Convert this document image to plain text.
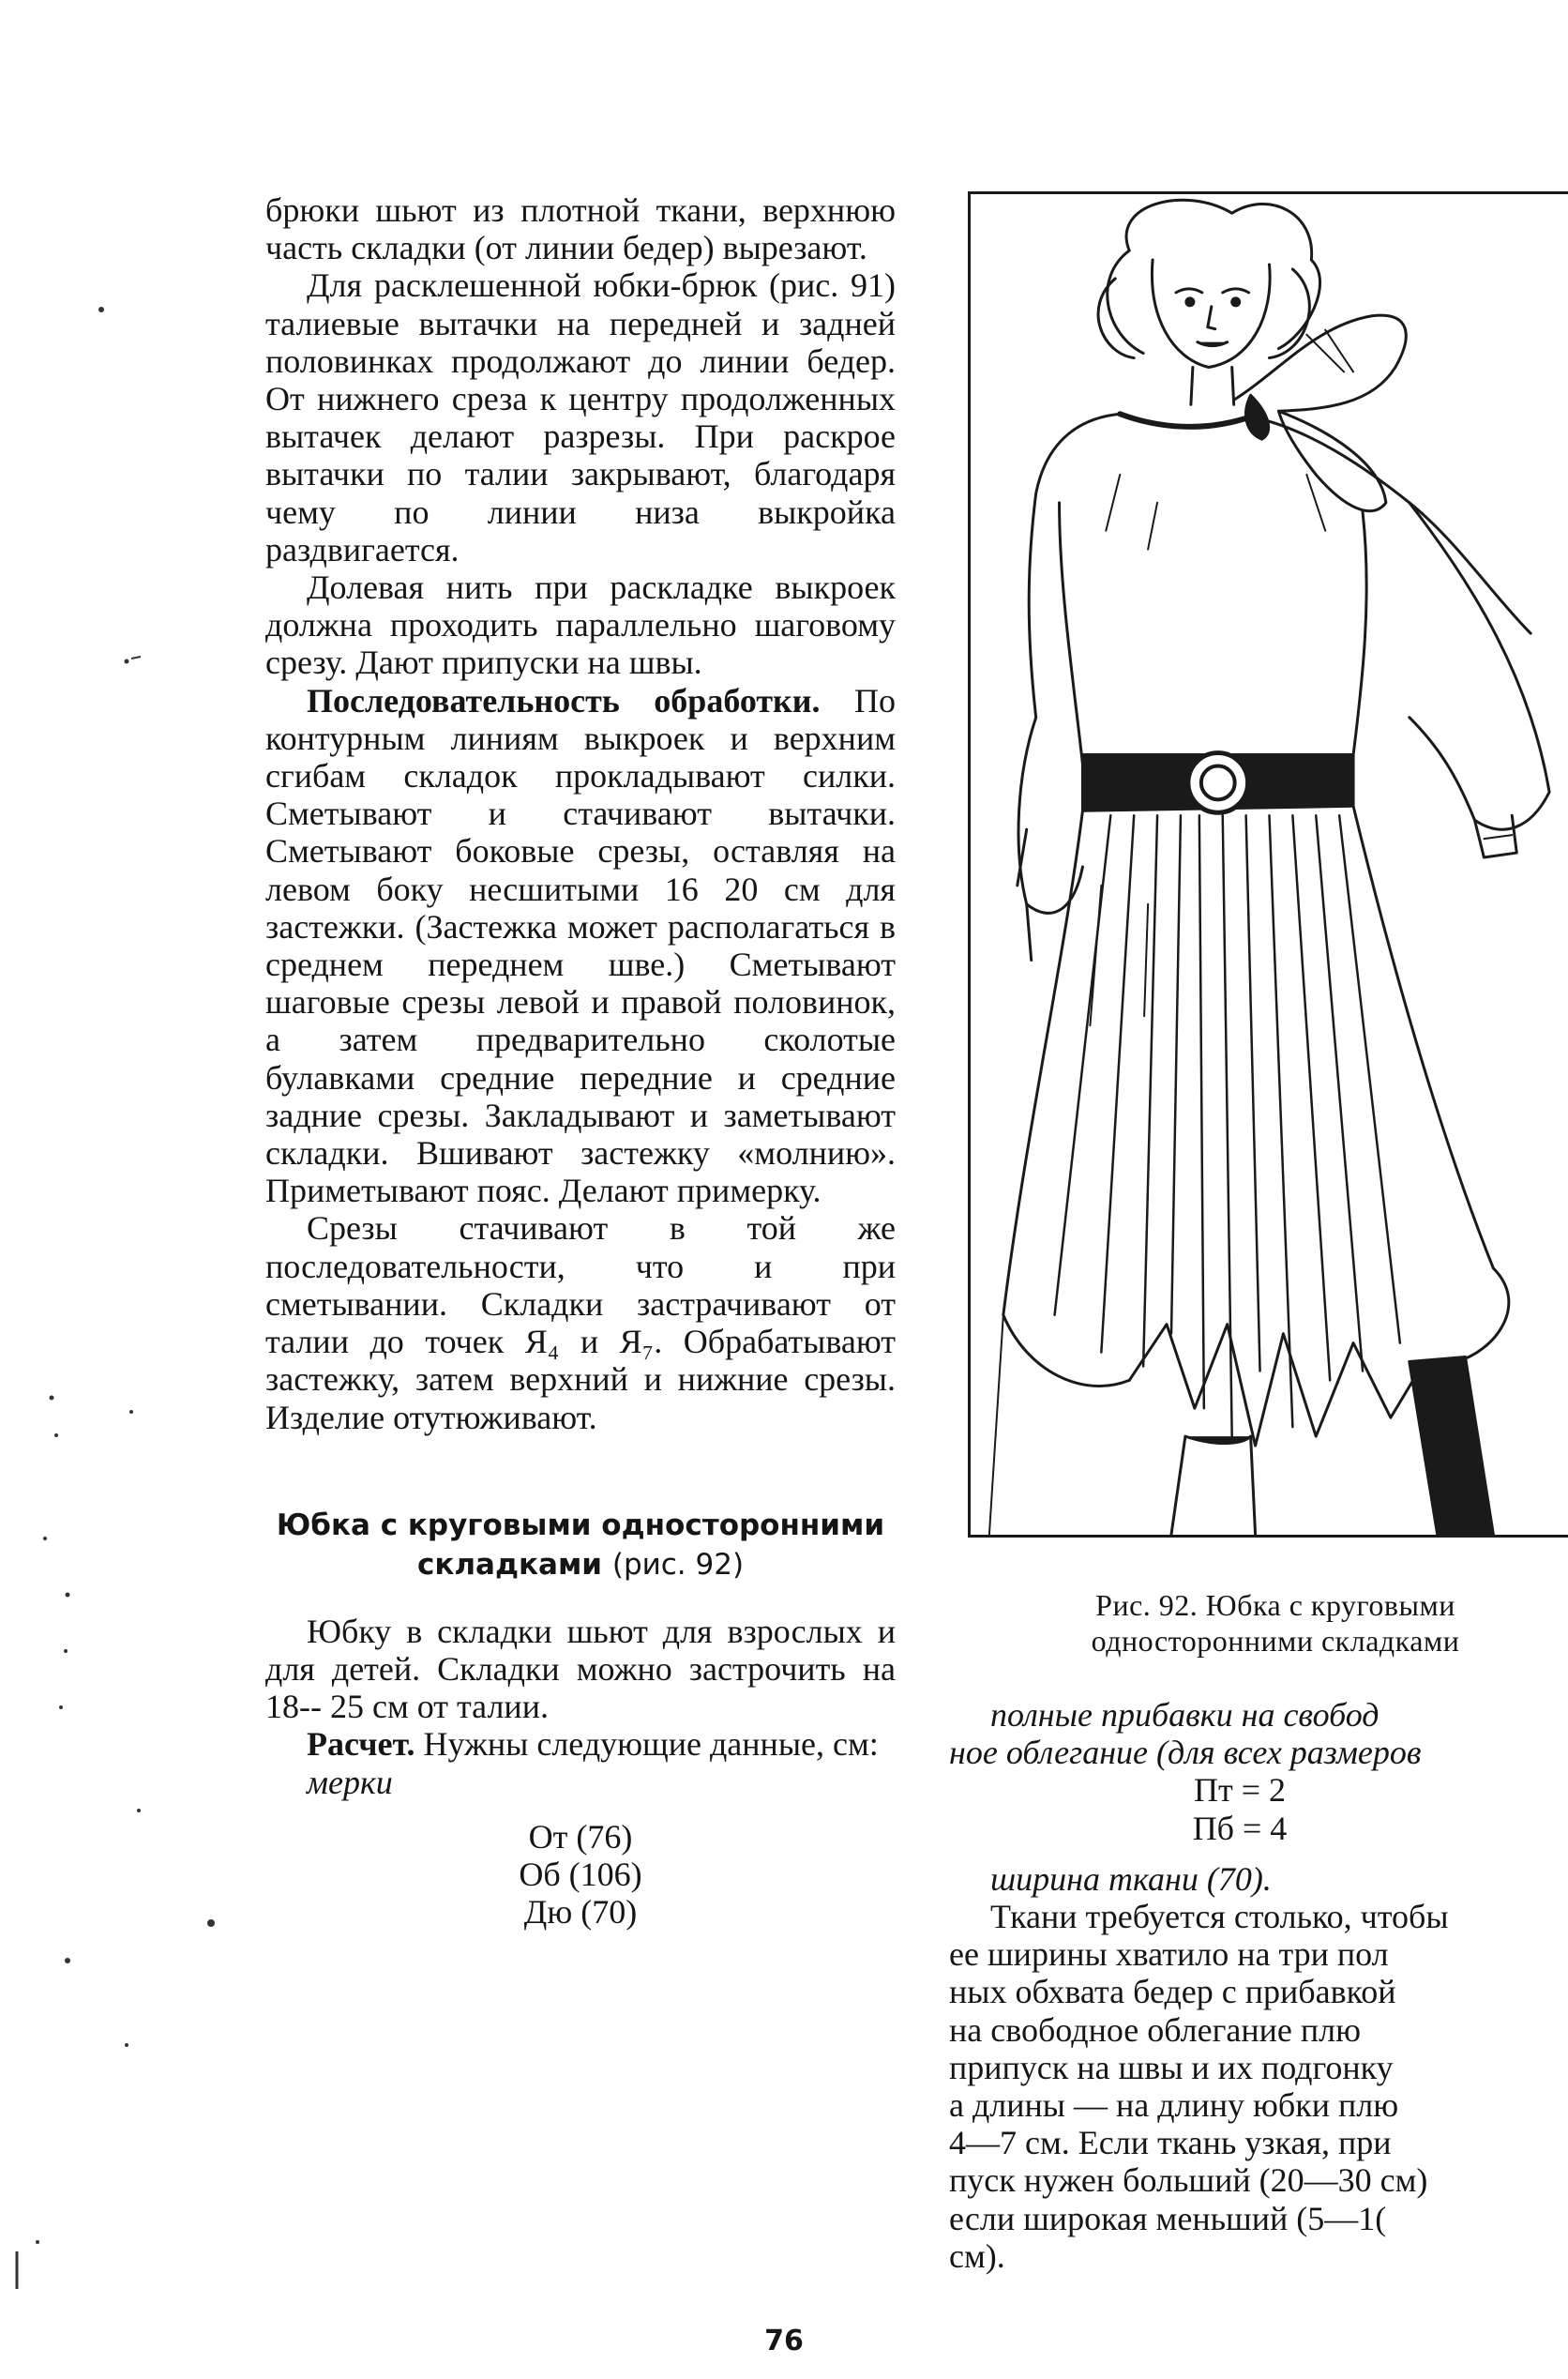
брюки шьют из плотной ткани, верхнюю часть складки (от линии бедер) вырезают.

Для расклешенной юбки-брюк (рис. 91) талиевые вытачки на передней и задней половинках продолжают до линии бедер. От нижнего среза к центру продолженных вытачек делают разрезы. При раскрое вытачки по талии закрывают, благодаря чему по линии низа выкройка раздвигается.

Долевая нить при раскладке выкроек должна проходить параллельно шаговому срезу. Дают припуски на швы.

Последовательность обработки. По контурным линиям выкроек и верхним сгибам складок прокладывают силки. Сметывают и стачивают вытачки. Сметывают боковые срезы, оставляя на левом боку несшитыми 16 20 см для застежки. (Застежка может располагаться в среднем переднем шве.) Сметывают шаговые срезы левой и правой половинок, а затем предварительно сколотые булавками средние передние и средние задние срезы. Закладывают и заметывают складки. Вшивают застежку «молнию». Приметывают пояс. Делают примерку.

Срезы стачивают в той же последовательности, что и при сметывании. Складки застрачивают от талии до точек Я₄ и Я₇. Обрабатывают застежку, затем верхний и нижние срезы. Изделие отутюживают.

Юбка с круговыми односторонними складками (рис. 92)

Юбку в складки шьют для взрослых и для детей. Складки можно застрочить на 18-- 25 см от талии.

Расчет. Нужны следующие данные, см:

мерки
От (76)
Об (106)
Дю (70)
Рис. 92. Юбка с круговыми
односторонними складками

полные прибавки на свобод

ное облегание (для всех размеров

Пт = 2

Пб = 4

ширина ткани (70).

Ткани требуется столько, чтобы

ее ширины хватило на три пол

ных обхвата бедер с прибавкой

на свободное облегание плю

припуск на швы и их подгонку

а длины — на длину юбки плю

4—7 см. Если ткань узкая, при

пуск нужен больший (20—30 см)

если широкая меньший (5—1(

см).

76
